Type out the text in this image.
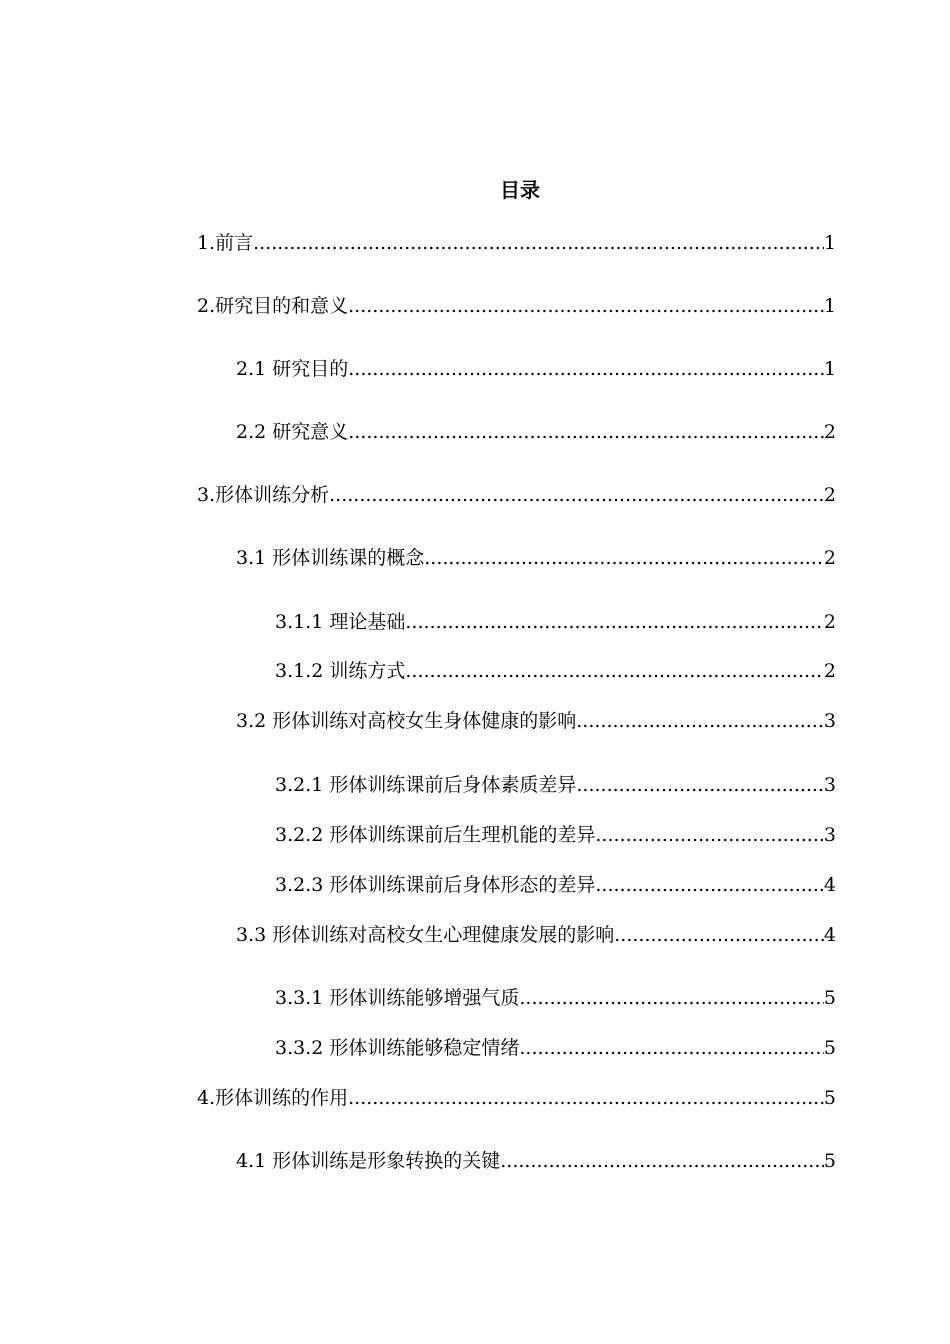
目录
1.前言 .....	1
2.研究目的和意义 .....	1
2.1 研究目的 .....	1
2.2 研究意义 .....	2
3.形体训练分析 .....	2
3.1 形体训练课的概念 .....	2
3.1.1 理论基础 .....	2
3.1.2 训练方式 .....	2
3.2 形体训练对高校女生身体健康的影响 .....	3
3.2.1 形体训练课前后身体素质差异 .....	3
3.2.2 形体训练课前后生理机能的差异 .....	3
3.2.3 形体训练课前后身体形态的差异 .....	4
3.3 形体训练对高校女生心理健康发展的影响 .....	4
3.3.1 形体训练能够增强气质 .....	5
3.3.2 形体训练能够稳定情绪 .....	5
4.形体训练的作用 .....	5
4.1 形体训练是形象转换的关键 .....	5
